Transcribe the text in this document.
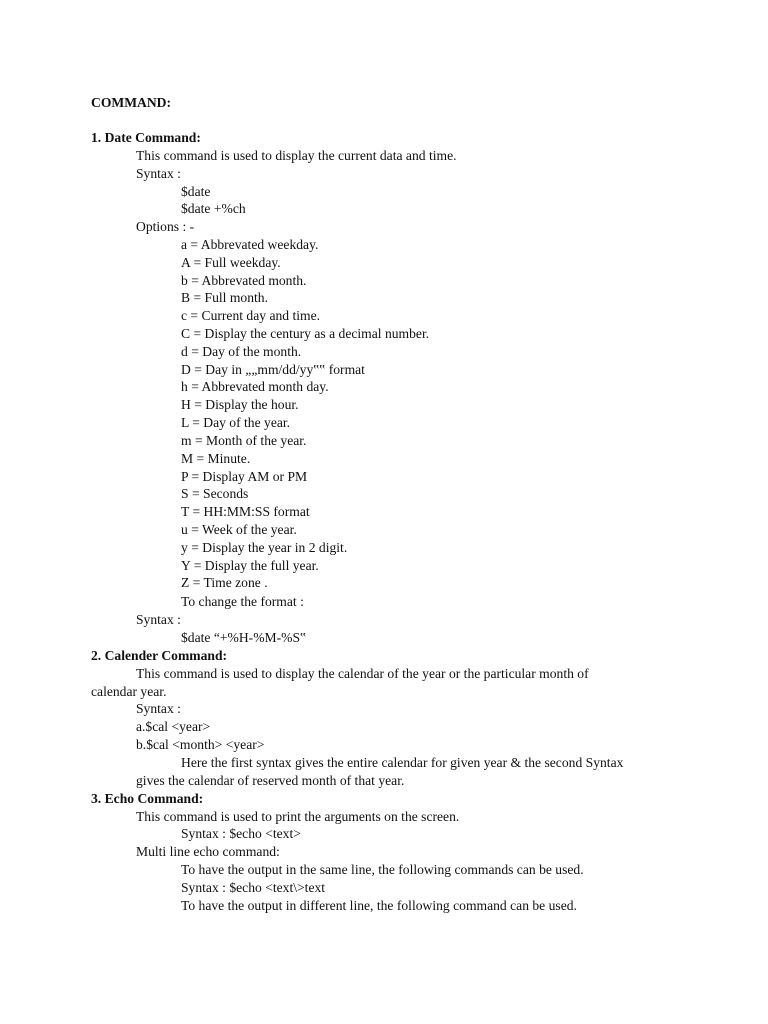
COMMAND:
1. Date Command:
This command is used to display the current data and time.
Syntax :
$date
$date +%ch
Options : -
a = Abbrevated weekday.
A = Full weekday.
b = Abbrevated month.
B = Full month.
c = Current day and time.
C = Display the century as a decimal number.
d = Day of the month.
D = Day in „„mm/dd/yy‟‟ format
h = Abbrevated month day.
H = Display the hour.
L = Day of the year.
m = Month of the year.
M = Minute.
P = Display AM or PM
S = Seconds
T = HH:MM:SS format
u = Week of the year.
y = Display the year in 2 digit.
Y = Display the full year.
Z = Time zone .
To change the format :
Syntax :
$date “+%H-%M-%S‟
2. Calender Command:
This command is used to display the calendar of the year or the particular month of
calendar year.
Syntax :
a.$cal <year>
b.$cal <month> <year>
Here the first syntax gives the entire calendar for given year & the second Syntax
gives the calendar of reserved month of that year.
3. Echo Command:
This command is used to print the arguments on the screen.
Syntax : $echo <text>
Multi line echo command:
To have the output in the same line, the following commands can be used.
Syntax : $echo <text\>text
To have the output in different line, the following command can be used.
